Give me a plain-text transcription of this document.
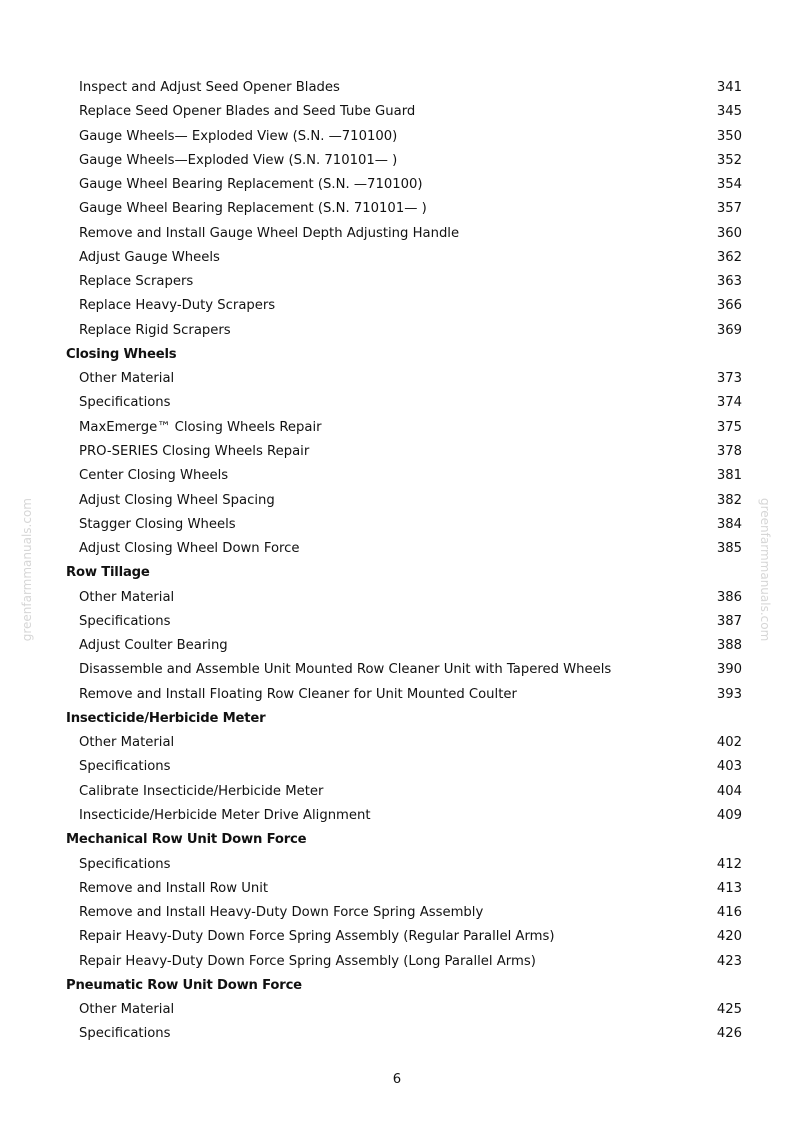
Inspect and Adjust Seed Opener Blades	341
Replace Seed Opener Blades and Seed Tube Guard	345
Gauge Wheels— Exploded View (S.N. —710100)	350
Gauge Wheels—Exploded View (S.N. 710101— )	352
Gauge Wheel Bearing Replacement (S.N. —710100)	354
Gauge Wheel Bearing Replacement (S.N. 710101— )	357
Remove and Install Gauge Wheel Depth Adjusting Handle	360
Adjust Gauge Wheels	362
Replace Scrapers	363
Replace Heavy-Duty Scrapers	366
Replace Rigid Scrapers	369
Closing Wheels
Other Material	373
Specifications	374
MaxEmerge™ Closing Wheels Repair	375
PRO-SERIES Closing Wheels Repair	378
Center Closing Wheels	381
Adjust Closing Wheel Spacing	382
Stagger Closing Wheels	384
Adjust Closing Wheel Down Force	385
Row Tillage
Other Material	386
Specifications	387
Adjust Coulter Bearing	388
Disassemble and Assemble Unit Mounted Row Cleaner Unit with Tapered Wheels	390
Remove and Install Floating Row Cleaner for Unit Mounted Coulter	393
Insecticide/Herbicide Meter
Other Material	402
Specifications	403
Calibrate Insecticide/Herbicide Meter	404
Insecticide/Herbicide Meter Drive Alignment	409
Mechanical Row Unit Down Force
Specifications	412
Remove and Install Row Unit	413
Remove and Install Heavy-Duty Down Force Spring Assembly	416
Repair Heavy-Duty Down Force Spring Assembly (Regular Parallel Arms)	420
Repair Heavy-Duty Down Force Spring Assembly (Long Parallel Arms)	423
Pneumatic Row Unit Down Force
Other Material	425
Specifications	426
greenfarmmanuals.com	greenfarmmanuals.com
6
